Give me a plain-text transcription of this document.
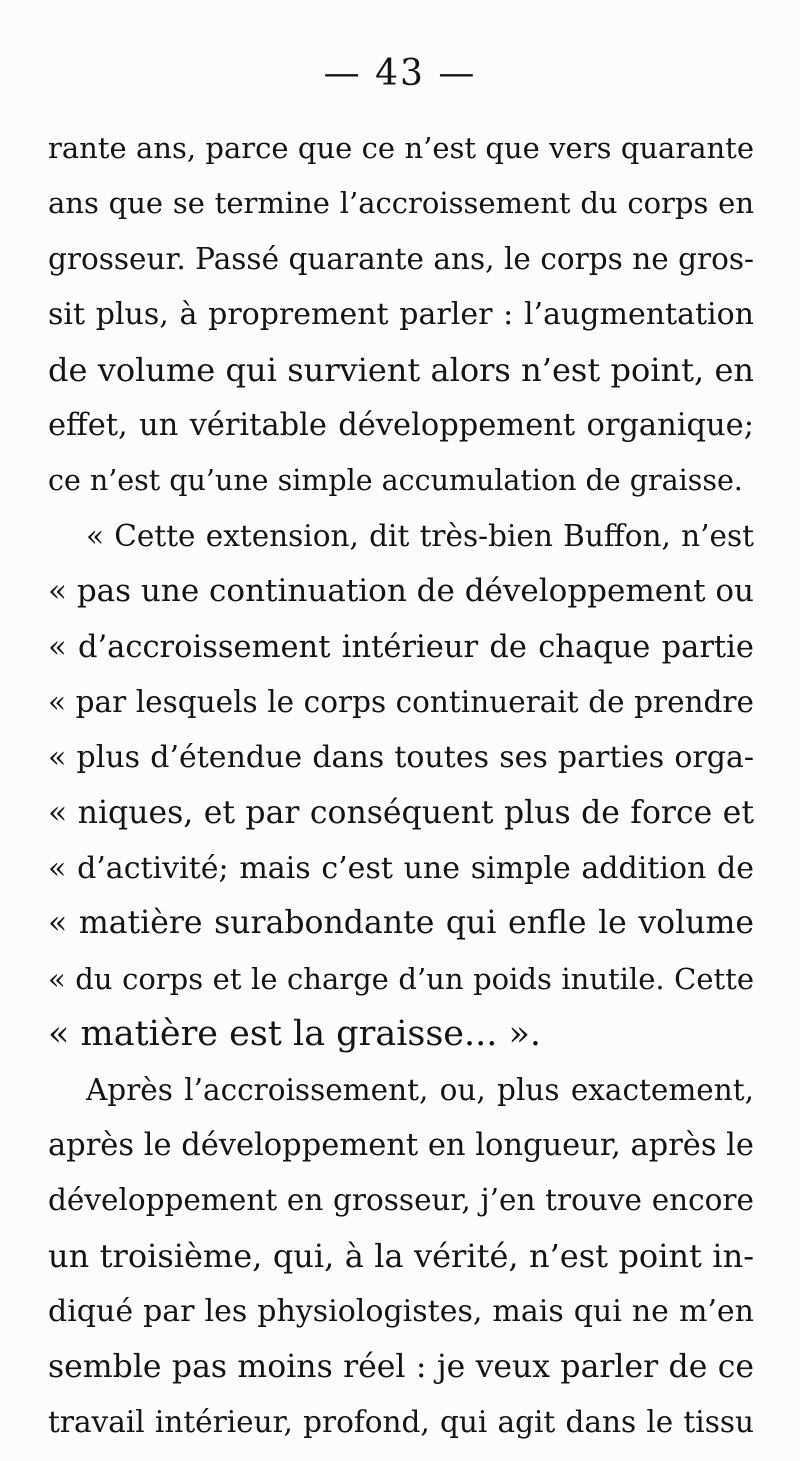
— 43 —
rante ans, parce que ce n’est que vers quarante
ans que se termine l’accroissement du corps en
grosseur. Passé quarante ans, le corps ne gros-
sit plus, à proprement parler : l’augmentation
de volume qui survient alors n’est point, en
effet, un véritable développement organique;
ce n’est qu’une simple accumulation de graisse.
« Cette extension, dit très-bien Buffon, n’est
« pas une continuation de développement ou
« d’accroissement intérieur de chaque partie
« par lesquels le corps continuerait de prendre
« plus d’étendue dans toutes ses parties orga-
« niques, et par conséquent plus de force et
« d’activité; mais c’est une simple addition de
« matière surabondante qui enfle le volume
« du corps et le charge d’un poids inutile. Cette
« matière est la graisse... ».
Après l’accroissement, ou, plus exactement,
après le développement en longueur, après le
développement en grosseur, j’en trouve encore
un troisième, qui, à la vérité, n’est point in-
diqué par les physiologistes, mais qui ne m’en
semble pas moins réel : je veux parler de ce
travail intérieur, profond, qui agit dans le tissu
